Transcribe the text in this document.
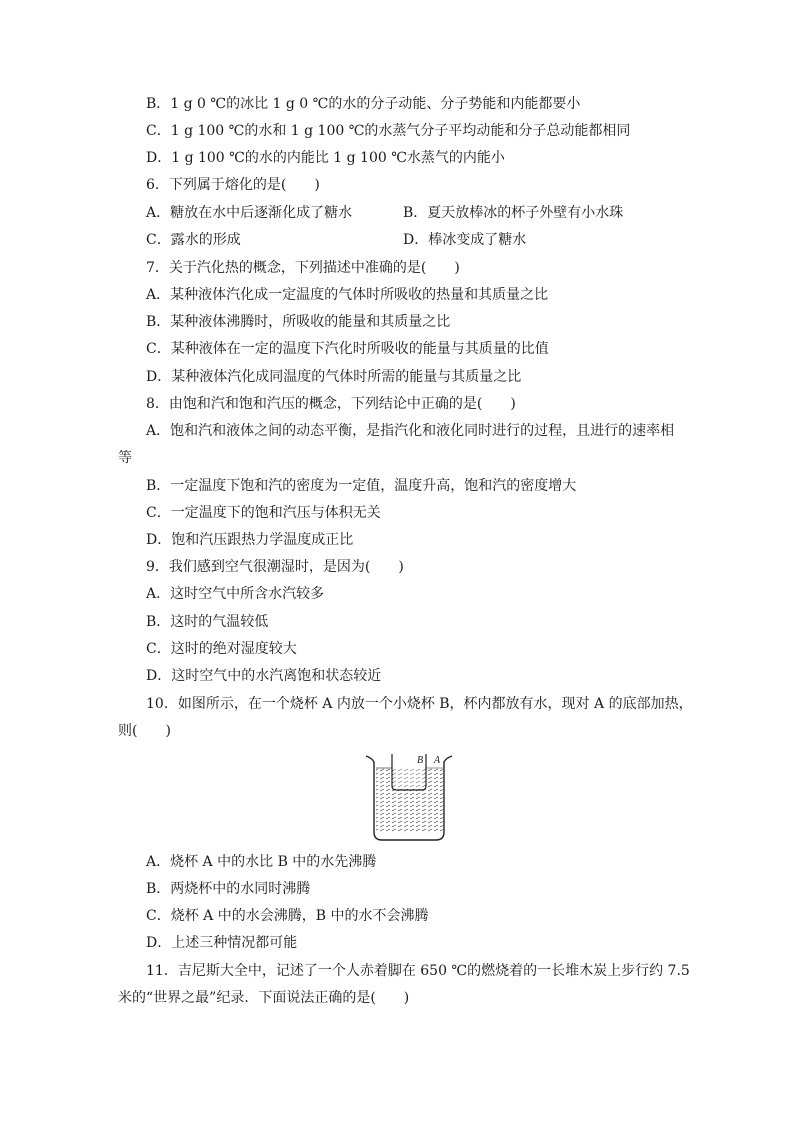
B．1 g 0 ℃的冰比 1 g 0 ℃的水的分子动能、分子势能和内能都要小
C．1 g 100 ℃的水和 1 g 100 ℃的水蒸气分子平均动能和分子总动能都相同
D．1 g 100 ℃的水的内能比 1 g 100 ℃水蒸气的内能小
6．下列属于熔化的是(　　)
A．糖放在水中后逐渐化成了糖水	B．夏天放棒冰的杯子外壁有小水珠
C．露水的形成	D．棒冰变成了糖水
7．关于汽化热的概念，下列描述中准确的是(　　)
A．某种液体汽化成一定温度的气体时所吸收的热量和其质量之比
B．某种液体沸腾时，所吸收的能量和其质量之比
C．某种液体在一定的温度下汽化时所吸收的能量与其质量的比值
D．某种液体汽化成同温度的气体时所需的能量与其质量之比
8．由饱和汽和饱和汽压的概念，下列结论中正确的是(　　)
A．饱和汽和液体之间的动态平衡，是指汽化和液化同时进行的过程，且进行的速率相
等
B．一定温度下饱和汽的密度为一定值，温度升高，饱和汽的密度增大
C．一定温度下的饱和汽压与体积无关
D．饱和汽压跟热力学温度成正比
9．我们感到空气很潮湿时，是因为(　　)
A．这时空气中所含水汽较多
B．这时的气温较低
C．这时的绝对湿度较大
D．这时空气中的水汽离饱和状态较近
10．如图所示，在一个烧杯 A 内放一个小烧杯 B，杯内都放有水，现对 A 的底部加热，
则(　　)
B A
A．烧杯 A 中的水比 B 中的水先沸腾
B．两烧杯中的水同时沸腾
C．烧杯 A 中的水会沸腾，B 中的水不会沸腾
D．上述三种情况都可能
11．吉尼斯大全中，记述了一个人赤着脚在 650 ℃的燃烧着的一长堆木炭上步行约 7.5
米的“世界之最”纪录．下面说法正确的是(　　)
